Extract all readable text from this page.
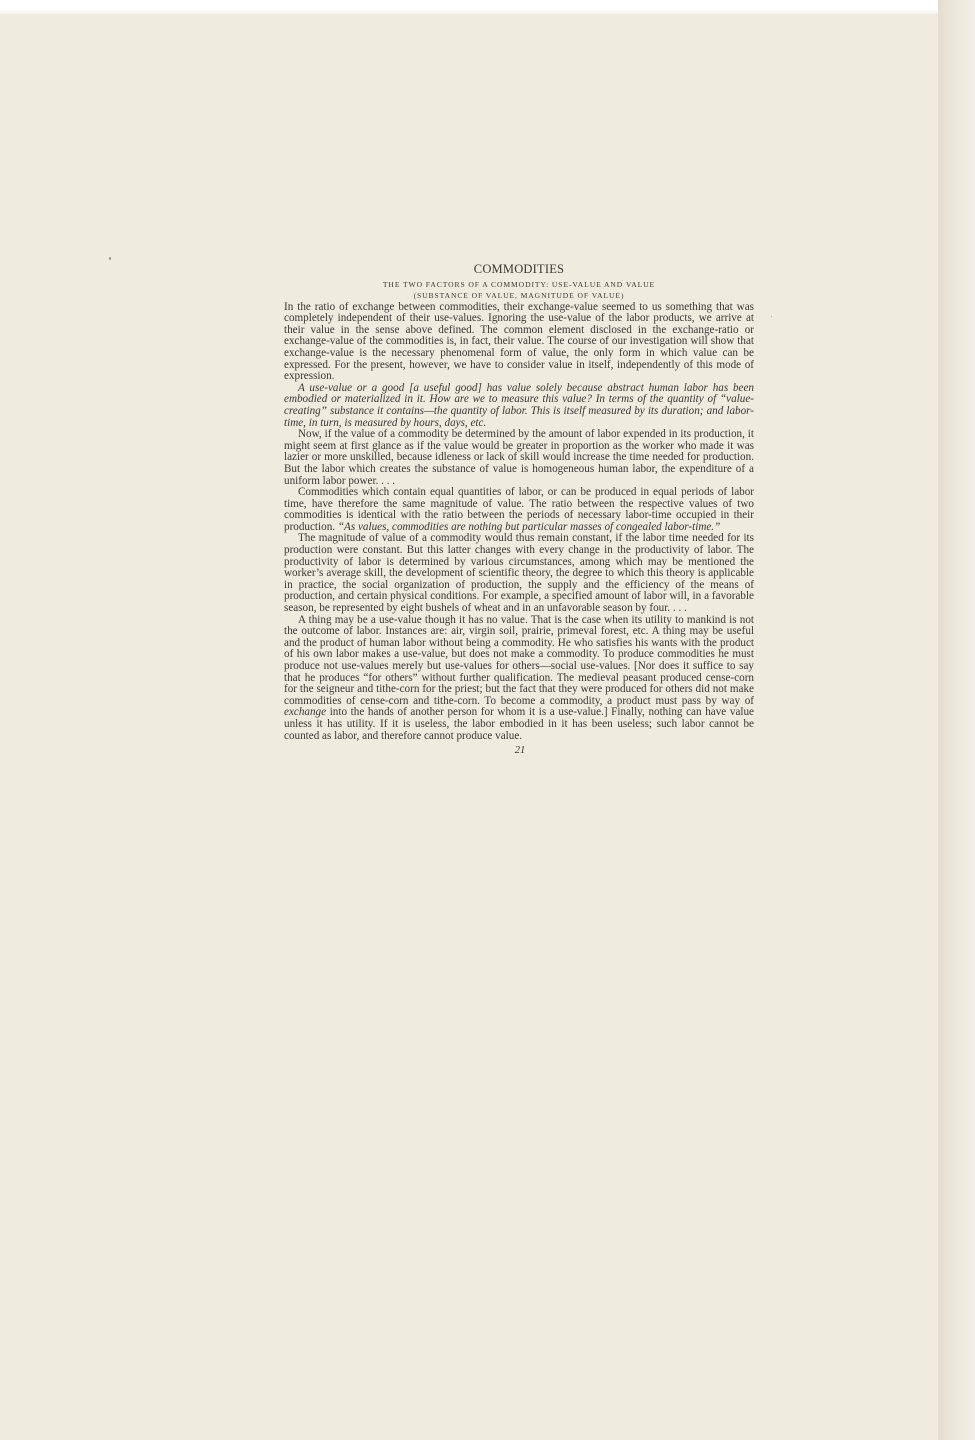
COMMODITIES
THE TWO FACTORS OF A COMMODITY: USE-VALUE AND VALUE
(SUBSTANCE OF VALUE, MAGNITUDE OF VALUE)
In the ratio of exchange between commodities, their exchange-value seemed to us something that was completely independent of their use-values. Ignoring the use-value of the labor products, we arrive at their value in the sense above defined. The common element disclosed in the exchange-ratio or exchange-value of the commodities is, in fact, their value. The course of our investigation will show that exchange-value is the necessary phenomenal form of value, the only form in which value can be expressed. For the present, however, we have to consider value in itself, independently of this mode of expression.
A use-value or a good [a useful good] has value solely because abstract human labor has been embodied or materialized in it. How are we to measure this value? In terms of the quantity of “value-creating” substance it contains—the quantity of labor. This is itself measured by its duration; and labor-time, in turn, is measured by hours, days, etc.
Now, if the value of a commodity be determined by the amount of labor expended in its production, it might seem at first glance as if the value would be greater in proportion as the worker who made it was lazier or more unskilled, because idleness or lack of skill would increase the time needed for production. But the labor which creates the substance of value is homogeneous human labor, the expenditure of a uniform labor power. . . .
Commodities which contain equal quantities of labor, or can be produced in equal periods of labor time, have therefore the same magnitude of value. The ratio between the respective values of two commodities is identical with the ratio between the periods of necessary labor-time occupied in their production. “As values, commodities are nothing but particular masses of congealed labor-time.”
The magnitude of value of a commodity would thus remain constant, if the labor time needed for its production were constant. But this latter changes with every change in the productivity of labor. The productivity of labor is determined by various circumstances, among which may be mentioned the worker’s average skill, the development of scientific theory, the degree to which this theory is applicable in practice, the social organization of production, the supply and the efficiency of the means of production, and certain physical conditions. For example, a specified amount of labor will, in a favorable season, be represented by eight bushels of wheat and in an unfavorable season by four. . . .
A thing may be a use-value though it has no value. That is the case when its utility to mankind is not the outcome of labor. Instances are: air, virgin soil, prairie, primeval forest, etc. A thing may be useful and the product of human labor without being a commodity. He who satisfies his wants with the product of his own labor makes a use-value, but does not make a commodity. To produce commodities he must produce not use-values merely but use-values for others—social use-values. [Nor does it suffice to say that he produces “for others” without further qualification. The medieval peasant produced cense-corn for the seigneur and tithe-corn for the priest; but the fact that they were produced for others did not make commodities of cense-corn and tithe-corn. To become a commodity, a product must pass by way of exchange into the hands of another person for whom it is a use-value.] Finally, nothing can have value unless it has utility. If it is useless, the labor embodied in it has been useless; such labor cannot be counted as labor, and therefore cannot produce value.
21
